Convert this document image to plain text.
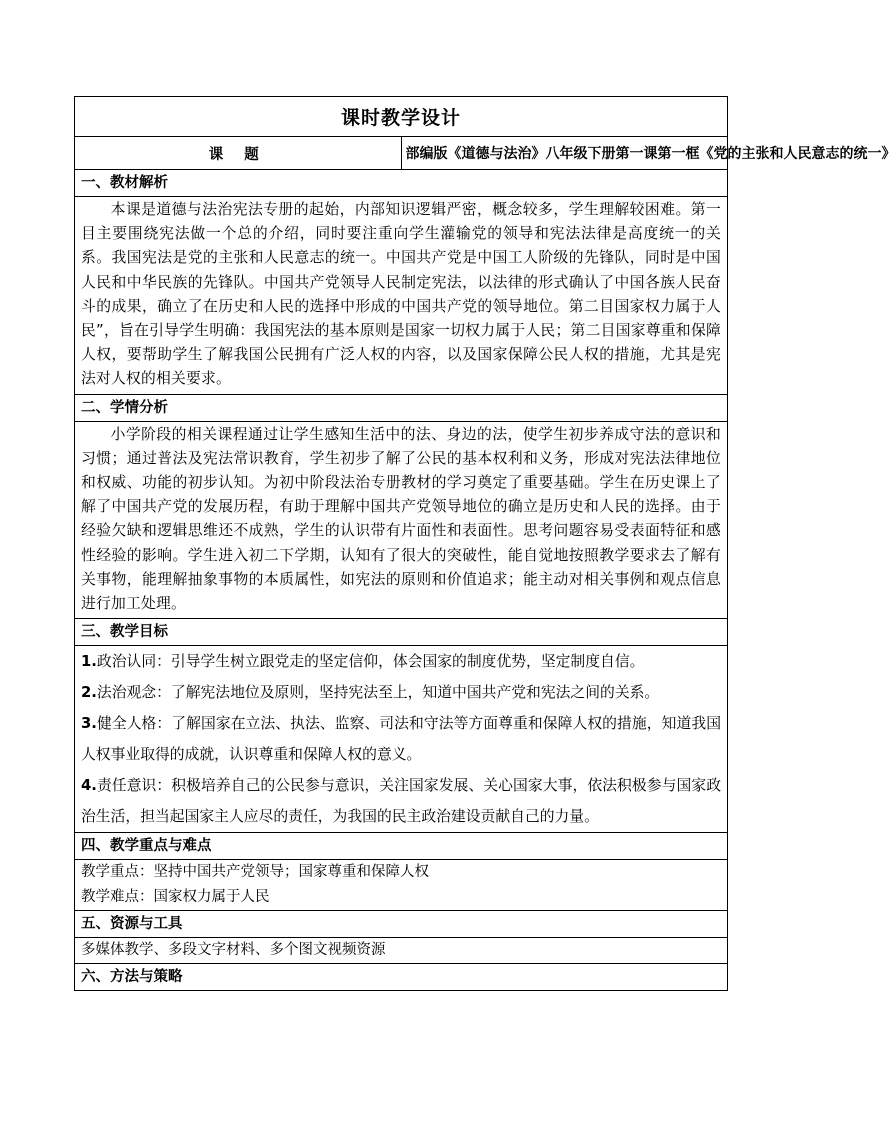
课时教学设计
课 题	部编版《道德与法治》八年级下册第一课第一框《党的主张和人民意志的统一》
一、教材解析

本课是道德与法治宪法专册的起始，内部知识逻辑严密，概念较多，学生理解较困难。第一目主要围绕宪法做一个总的介绍，同时要注重向学生灌输党的领导和宪法法律是高度统一的关系。我国宪法是党的主张和人民意志的统一。中国共产党是中国工人阶级的先锋队，同时是中国人民和中华民族的先锋队。中国共产党领导人民制定宪法，以法律的形式确认了中国各族人民奋斗的成果，确立了在历史和人民的选择中形成的中国共产党的领导地位。第二目国家权力属于人民”，旨在引导学生明确：我国宪法的基本原则是国家一切权力属于人民；第二目国家尊重和保障人权，要帮助学生了解我国公民拥有广泛人权的内容，以及国家保障公民人权的措施，尤其是宪法对人权的相关要求。

二、学情分析

小学阶段的相关课程通过让学生感知生活中的法、身边的法，使学生初步养成守法的意识和习惯；通过普法及宪法常识教育，学生初步了解了公民的基本权利和义务，形成对宪法法律地位和权威、功能的初步认知。为初中阶段法治专册教材的学习奠定了重要基础。学生在历史课上了解了中国共产党的发展历程，有助于理解中国共产党领导地位的确立是历史和人民的选择。由于经验欠缺和逻辑思维还不成熟，学生的认识带有片面性和表面性。思考问题容易受表面特征和感性经验的影响。学生进入初二下学期，认知有了很大的突破性，能自觉地按照教学要求去了解有关事物，能理解抽象事物的本质属性，如宪法的原则和价值追求；能主动对相关事例和观点信息进行加工处理。

三、教学目标

1.政治认同：引导学生树立跟党走的坚定信仰，体会国家的制度优势，坚定制度自信。

2.法治观念：了解宪法地位及原则，坚持宪法至上，知道中国共产党和宪法之间的关系。

3.健全人格：了解国家在立法、执法、监察、司法和守法等方面尊重和保障人权的措施，知道我国人权事业取得的成就，认识尊重和保障人权的意义。

4.责任意识：积极培养自己的公民参与意识，关注国家发展、关心国家大事，依法积极参与国家政治生活，担当起国家主人应尽的责任，为我国的民主政治建设贡献自己的力量。

四、教学重点与难点

教学重点：坚持中国共产党领导；国家尊重和保障人权

教学难点：国家权力属于人民

五、资源与工具

多媒体教学、多段文字材料、多个图文视频资源

六、方法与策略
